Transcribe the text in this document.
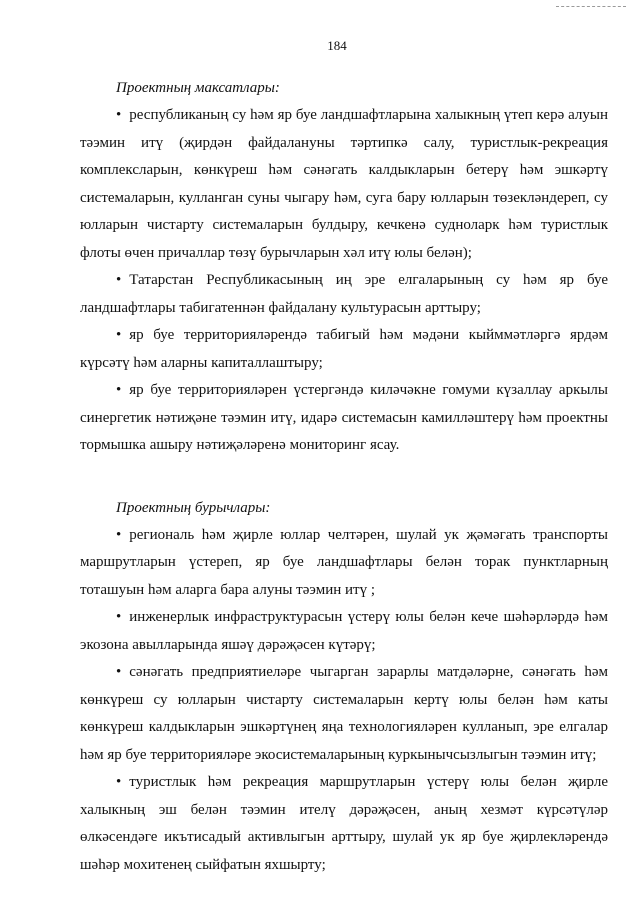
184

Проектның максатлары:

• республиканың су һәм яр буе ландшафтларына халыкның үтеп керә алуын тәэмин итү (җирдән файдалануны тәртипкә салу, туристлык-рекреация комплексларын, көнкүреш һәм сәнәгать калдыкларын бетерү һәм эшкәртү системаларын, кулланган суны чыгару һәм, суга бару юлларын төзекләндереп, су юлларын чистарту системаларын булдыру, кечкенә судноларк һәм туристлык флоты өчен причаллар төзү бурычларын хәл итү юлы белән);

• Татарстан Республикасының иң эре елгаларының су һәм яр буе ландшафтлары табигатеннән файдалану культурасын арттыру;

• яр буе территорияләрендә табигый һәм мәдәни кыйммәтләргә ярдәм күрсәтү һәм аларны капиталлаштыру;

• яр буе территорияләрен үстергәндә киләчәкне гомуми күзаллау аркылы синергетик нәтиҗәне тәэмин итү, идарә системасын камилләштерү һәм проектны тормышка ашыру нәтиҗәләренә мониторинг ясау.

Проектның бурычлары:

• региональ һәм җирле юллар челтәрен, шулай ук җәмәгать транспорты маршрутларын үстереп, яр буе ландшафтлары белән торак пунктларның тоташуын һәм аларга бара алуны тәэмин итү ;

• инженерлык инфраструктурасын үстерү юлы белән кече шәһәрләрдә һәм экозона авылларында яшәү дәрәҗәсен күтәрү;

• сәнәгать предприятиеләре чыгарган зарарлы матдәләрне, сәнәгать һәм көнкүреш су юлларын чистарту системаларын кертү юлы белән һәм каты көнкүреш калдыкларын эшкәртүнең яңа технологияләрен кулланып, эре елгалар һәм яр буе территорияләре экосистемаларының куркынычсызлыгын тәэмин итү;

• туристлык һәм рекреация маршрутларын үстерү юлы белән җирле халыкның эш белән тәэмин ителү дәрәҗәсен, аның хезмәт күрсәтүләр өлкәсендәге икътисадый активлыгын арттыру, шулай ук яр буе җирлекләрендә шәһәр мохитенең сыйфатын яхшырту;
